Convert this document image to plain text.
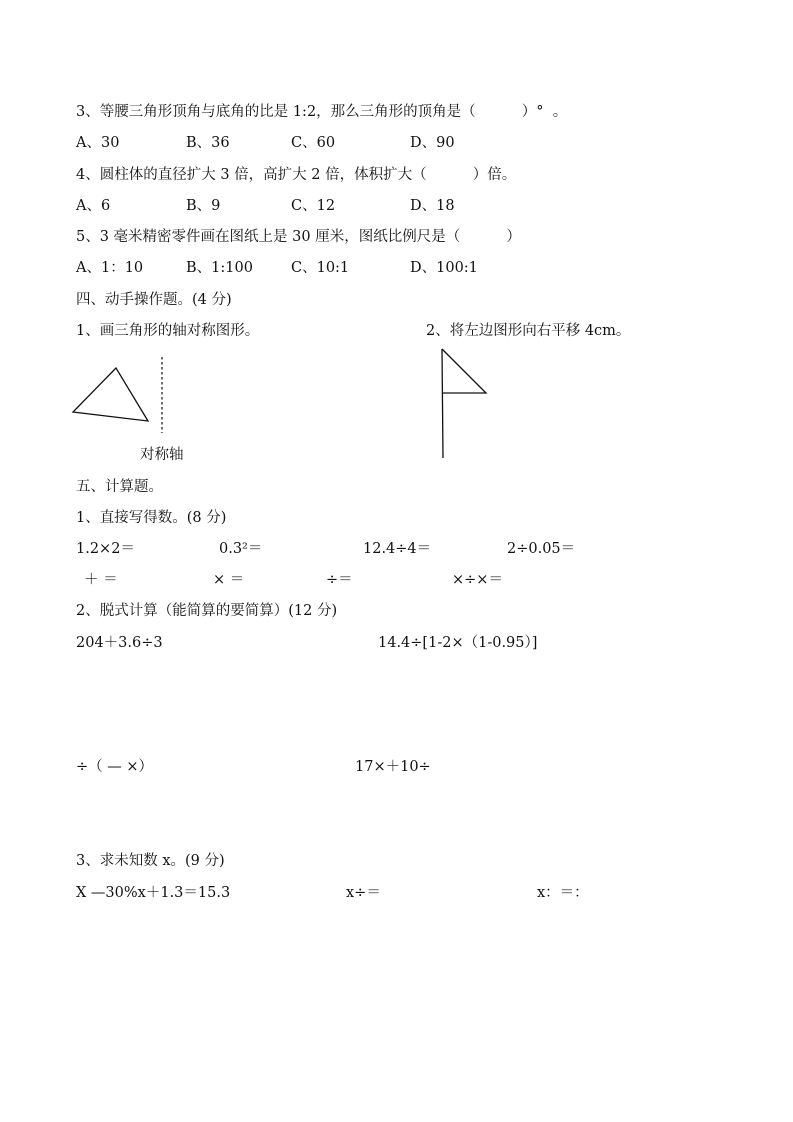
3、等腰三角形顶角与底角的比是 1:2，那么三角形的顶角是（          ）°  。
A、30	B、36	C、60	D、90
4、圆柱体的直径扩大 3 倍，高扩大 2 倍，体积扩大（          ）倍。
A、6	B、9	C、12	D、18
5、3 毫米精密零件画在图纸上是 30 厘米，图纸比例尺是（          ）
A、1：10	B、1:100	C、10:1	D、100:1
四、动手操作题。(4 分)
1、画三角形的轴对称图形。	2、将左边图形向右平移 4cm。
对称轴
五、计算题。
1、直接写得数。(8 分)
1.2×2＝	0.3²＝	12.4÷4＝	2÷0.05＝
＋ ＝	× ＝	÷＝	×÷×＝
2、脱式计算（能简算的要简算）(12 分)
204＋3.6÷3	14.4÷[1-2×（1-0.95）]
÷（ — ×）	17×＋10÷
3、求未知数 x。(9 分)
X —30%x＋1.3＝15.3	x÷＝	x：＝：
